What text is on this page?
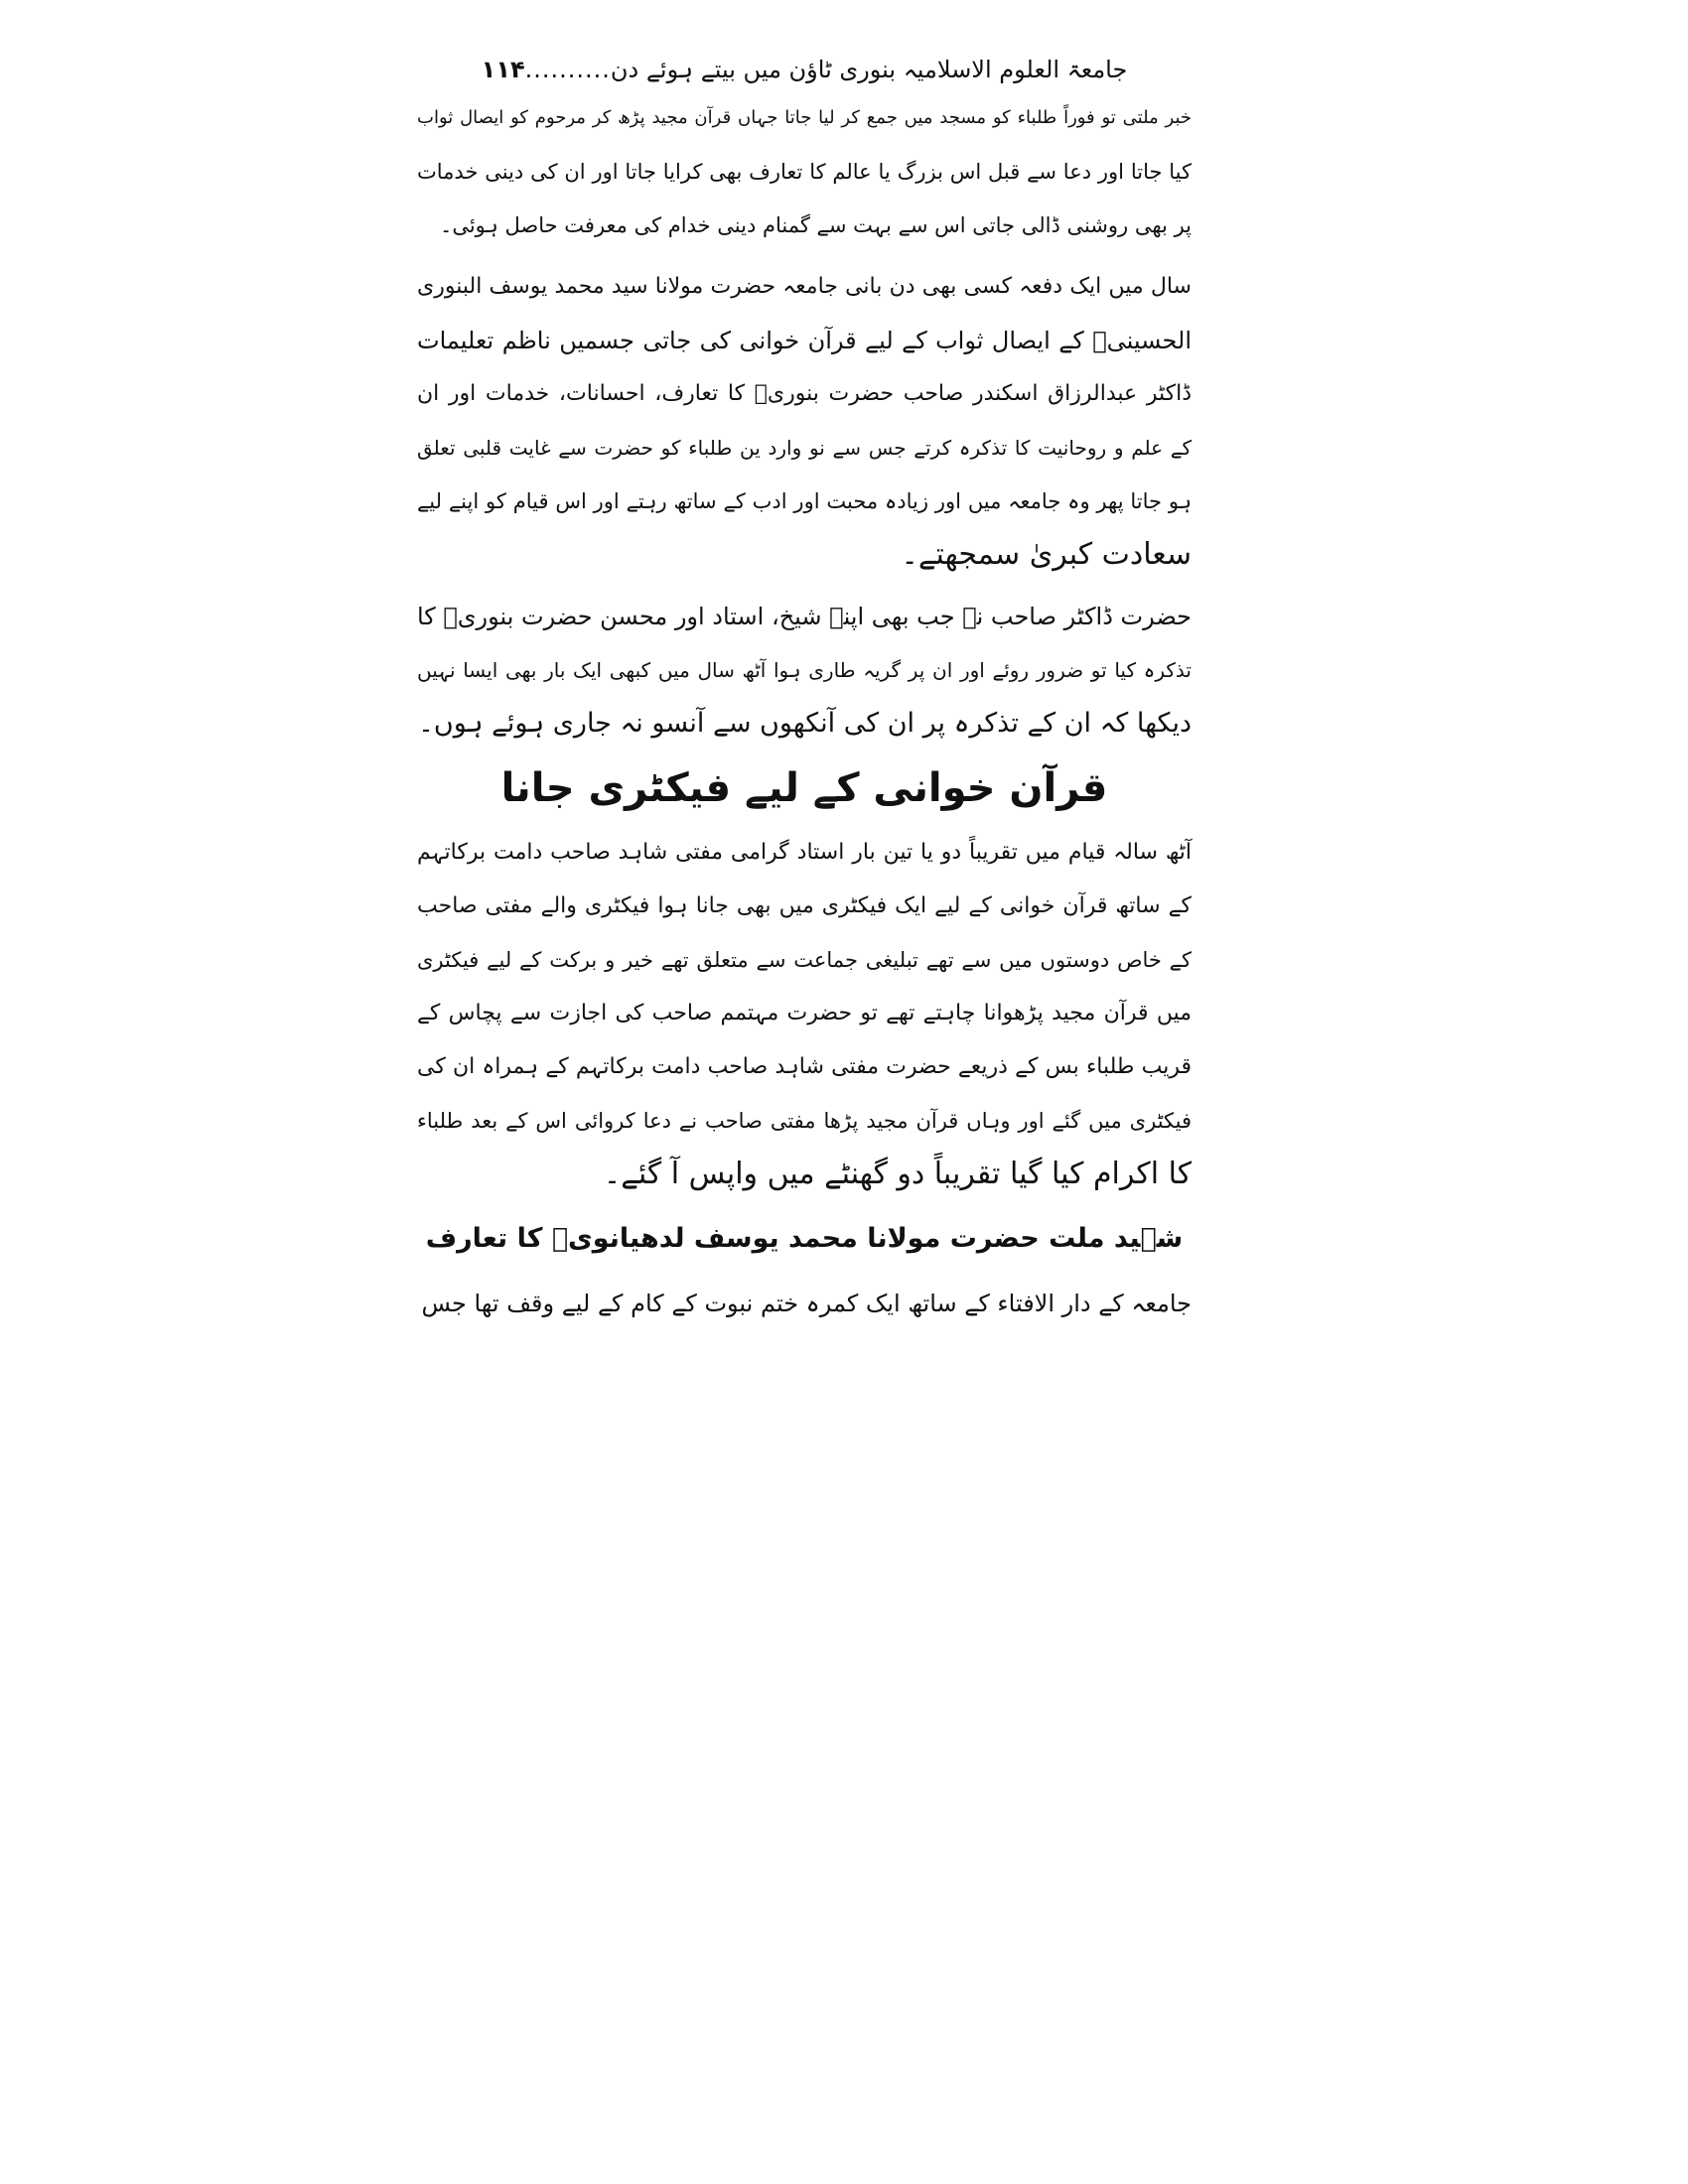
جامعۃ العلوم الاسلامیہ بنوری ٹاؤن میں بیتے ہوئے دن
..........
۱۱۴
خبر ملتی تو فوراً طلباء کو مسجد میں جمع کر لیا جاتا جہاں قرآن مجید پڑھ کر مرحوم کو ایصال ثواب
کیا جاتا اور دعا سے قبل اس بزرگ یا عالم کا تعارف بھی کرایا جاتا اور ان کی دینی خدمات
پر بھی روشنی ڈالی جاتی اس سے بہت سے گمنام دینی خدام کی معرفت حاصل ہوئی۔
سال میں ایک دفعہ کسی بھی دن بانی جامعہ حضرت مولانا سید محمد یوسف البنوری
الحسینیؒ کے ایصال ثواب کے لیے قرآن خوانی کی جاتی جسمیں ناظم تعلیمات
ڈاکٹر عبدالرزاق اسکندر صاحب حضرت بنوریؒ کا تعارف، احسانات، خدمات اور ان
کے علم و روحانیت کا تذکرہ کرتے جس سے نو وارد ین طلباء کو حضرت سے غایت قلبی تعلق
ہو جاتا پھر وہ جامعہ میں اور زیادہ محبت اور ادب کے ساتھ رہتے اور اس قیام کو اپنے لیے
سعادت کبریٰ سمجھتے۔
حضرت ڈاکٹر صاحب نے جب بھی اپنے شیخ، استاد اور محسن حضرت بنوریؒ کا
تذکرہ کیا تو ضرور روئے اور ان پر گریہ طاری ہوا آٹھ سال میں کبھی ایک بار بھی ایسا نہیں
دیکھا کہ ان کے تذکرہ پر ان کی آنکھوں سے آنسو نہ جاری ہوئے ہوں۔
قرآن خوانی کے لیے فیکٹری جانا
آٹھ سالہ قیام میں تقریباً دو یا تین بار استاد گرامی مفتی شاہد صاحب دامت برکاتہم
کے ساتھ قرآن خوانی کے لیے ایک فیکٹری میں بھی جانا ہوا فیکٹری والے مفتی صاحب
کے خاص دوستوں میں سے تھے تبلیغی جماعت سے متعلق تھے خیر و برکت کے لیے فیکٹری
میں قرآن مجید پڑھوانا چاہتے تھے تو حضرت مہتمم صاحب کی اجازت سے پچاس کے
قریب طلباء بس کے ذریعے حضرت مفتی شاہد صاحب دامت برکاتہم کے ہمراہ ان کی
فیکٹری میں گئے اور وہاں قرآن مجید پڑھا مفتی صاحب نے دعا کروائی اس کے بعد طلباء
کا اکرام کیا گیا تقریباً دو گھنٹے میں واپس آ گئے۔
شہید ملت حضرت مولانا محمد یوسف لدھیانویؒ کا تعارف
جامعہ کے دار الافتاء کے ساتھ ایک کمرہ ختم نبوت کے کام کے لیے وقف تھا جس
